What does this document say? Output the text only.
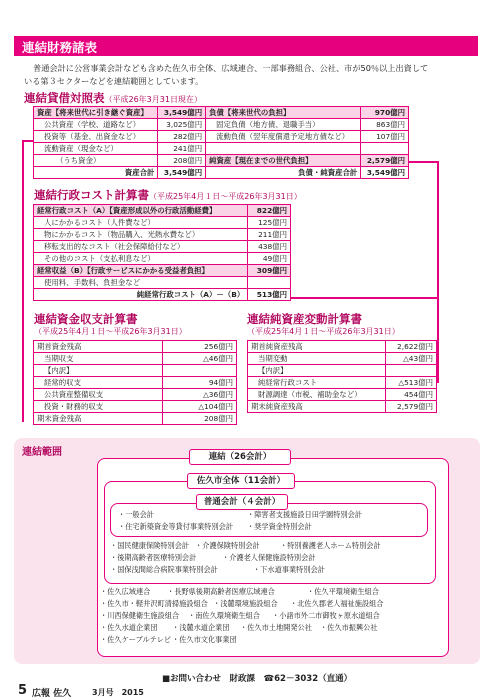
連結財務諸表
普通会計に公営事業会計なども含めた佐久市全体、広域連合、一部事務組合、公社、市が50％以上出資して
いる第３セクターなどを連結範囲としています。
連結貸借対照表（平成26年3月31日現在）
資産【将来世代に引き継ぐ資産】	3,549億円	負債【将来世代の負担】	970億円
公共資産（学校、道路など）	3,025億円	固定負債（地方債、退職手当）	863億円
投資等（基金、出資金など）	282億円	流動負債（翌年度償還予定地方債など）	107億円
流動資産（現金など）	241億円		
（うち資金）	208億円	純資産【現在までの世代負担】	2,579億円
資産合計	3,549億円	負債・純資産合計	3,549億円
連結行政コスト計算書（平成25年4月１日～平成26年3月31日）
経常行政コスト（A）【資産形成以外の行政活動経費】	822億円
人にかかるコスト（人件費など）	125億円
物にかかるコスト（物品購入、光熱水費など）	211億円
移転支出的なコスト（社会保障給付など）	438億円
その他のコスト（支払利息など）	49億円
経常収益（B）【行政サービスにかかる受益者負担】	309億円
使用料、手数料、負担金など	
純経常行政コスト（A）－（B）	513億円
連結資金収支計算書
（平成25年4月１日～平成26年3月31日）
期首資金残高	256億円
当期収支	△46億円
【内訳】	
経常的収支	94億円
公共資産整備収支	△36億円
投資・財務的収支	△104億円
期末資金残高	208億円
連結純資産変動計算書
（平成25年4月１日～平成26年3月31日）
期首純資産残高	2,622億円
当期変動	△43億円
【内訳】	
純経常行政コスト	△513億円
財源調達（市税、補助金など）	454億円
期末純資産残高	2,579億円
連結範囲	連結（26会計）
佐久市全体（11会計）
普通会計（４会計）
・一般会計	・障害者支援施設日田学園特別会計
・住宅新築資金等貸付事業特別会計 ・奨学資金特別会計
・国民健康保険特別会計 ・介護保険特別会計	・特別養護老人ホーム特別会計
・後期高齢者医療特別会計	・介護老人保健施設特別会計
・国保浅間総合病院事業特別会計	・下水道事業特別会計
・佐久広域連合 ・長野県後期高齢者医療広域連合	・佐久平環境衛生組合
・佐久市・軽井沢町清掃施設組合 ・浅麓環境施設組合 ・北佐久郡老人福祉施設組合
・川西保健衛生施設組合 ・南佐久環境衛生組合 ・小諸市外二市御牧ヶ原水道組合
・佐久水道企業団 ・浅麓水道企業団 ・佐久市土地開発公社 ・佐久市振興公社
・佐久ケーブルテレビ ・佐久市文化事業団
■お問い合わせ　財政課　☎62－3032（直通）
5 広報 佐久	3月号　2015
